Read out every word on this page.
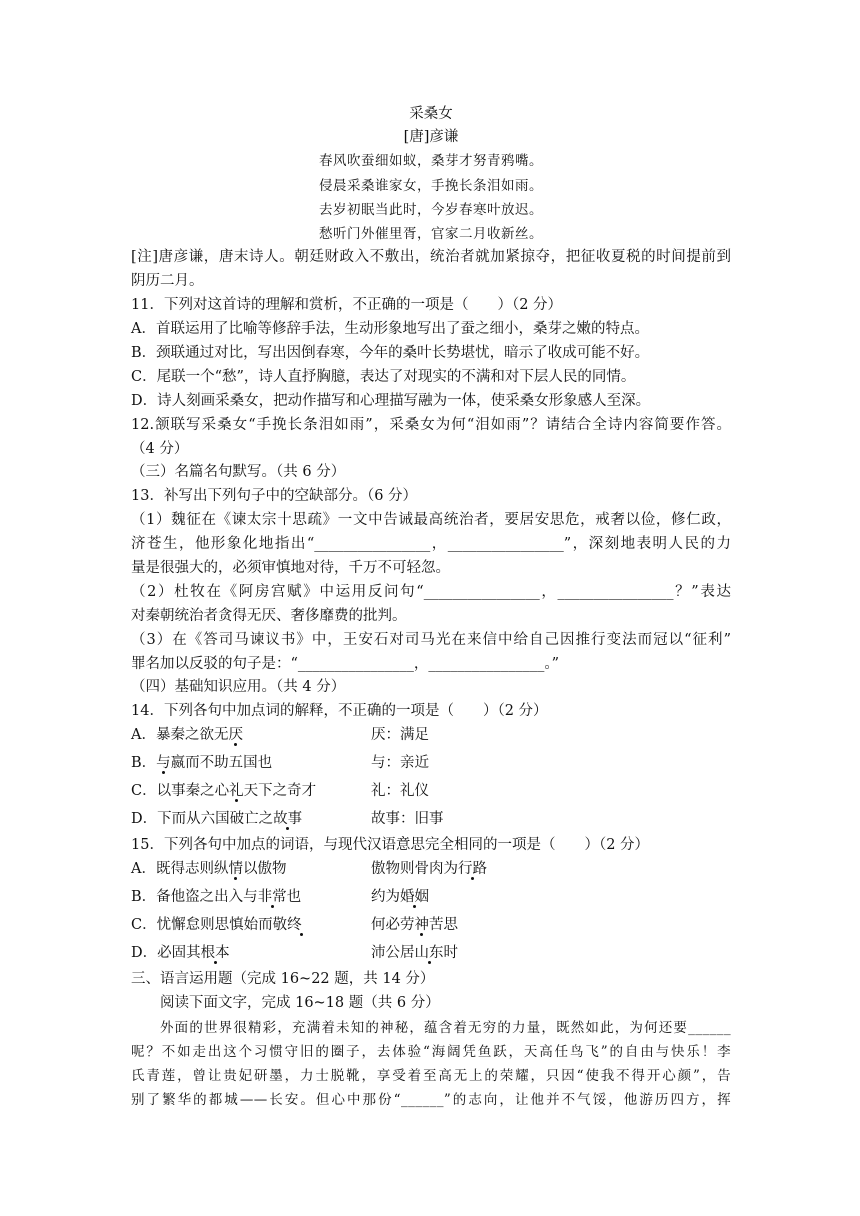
采桑女
[唐]彦谦
春风吹蚕细如蚁，桑芽才努青鸦嘴。
侵晨采桑谁家女，手挽长条泪如雨。
去岁初眠当此时，今岁春寒叶放迟。
愁听门外催里胥，官家二月收新丝。
[注]唐彦谦，唐末诗人。朝廷财政入不敷出，统治者就加紧掠夺，把征收夏税的时间提前到
阴历二月。
11．下列对这首诗的理解和赏析，不正确的一项是（　　）（2 分）
A．首联运用了比喻等修辞手法，生动形象地写出了蚕之细小，桑芽之嫩的特点。
B．颈联通过对比，写出因倒春寒，今年的桑叶长势堪忧，暗示了收成可能不好。
C．尾联一个“愁”，诗人直抒胸臆，表达了对现实的不满和对下层人民的同情。
D．诗人刻画采桑女，把动作描写和心理描写融为一体，使采桑女形象感人至深。
12.颔联写采桑女“手挽长条泪如雨”，采桑女为何“泪如雨”？请结合全诗内容简要作答。
（4 分）
（三）名篇名句默写。（共 6 分）
13．补写出下列句子中的空缺部分。（6 分）
（1）魏征在《谏太宗十思疏》一文中告诫最高统治者，要居安思危，戒奢以俭，修仁政，
济苍生，他形象化地指出“________________，________________”，深刻地表明人民的力
量是很强大的，必须审慎地对待，千万不可轻忽。
（2）杜牧在《阿房宫赋》中运用反问句“________________，________________？”表达
对秦朝统治者贪得无厌、奢侈靡费的批判。
（3）在《答司马谏议书》中，王安石对司马光在来信中给自己因推行变法而冠以“征利”
罪名加以反驳的句子是：“________________，________________。”
（四）基础知识应用。（共 4 分）
14．下列各句中加点词的解释，不正确的一项是（　　）（2 分）
A．暴秦之欲无厌	厌：满足
B．与嬴而不助五国也	与：亲近
C．以事秦之心礼天下之奇才	礼：礼仪
D．下而从六国破亡之故事	故事：旧事
15．下列各句中加点的词语，与现代汉语意思完全相同的一项是（　　）（2 分）
A．既得志则纵情以傲物	傲物则骨肉为行路
B．备他盗之出入与非常也	约为婚姻
C．忧懈怠则思慎始而敬终	何必劳神苦思
D．必固其根本	沛公居山东时
三、语言运用题（完成 16~22 题，共 14 分）
阅读下面文字，完成 16~18 题（共 6 分）
外面的世界很精彩，充满着未知的神秘，蕴含着无穷的力量，既然如此，为何还要______
呢？不如走出这个习惯守旧的圈子，去体验“海阔凭鱼跃，天高任鸟飞”的自由与快乐！李
氏青莲，曾让贵妃研墨，力士脱靴，享受着至高无上的荣耀，只因“使我不得开心颜”，告
别了繁华的都城——长安。但心中那份“______”的志向，让他并不气馁，他游历四方，挥
